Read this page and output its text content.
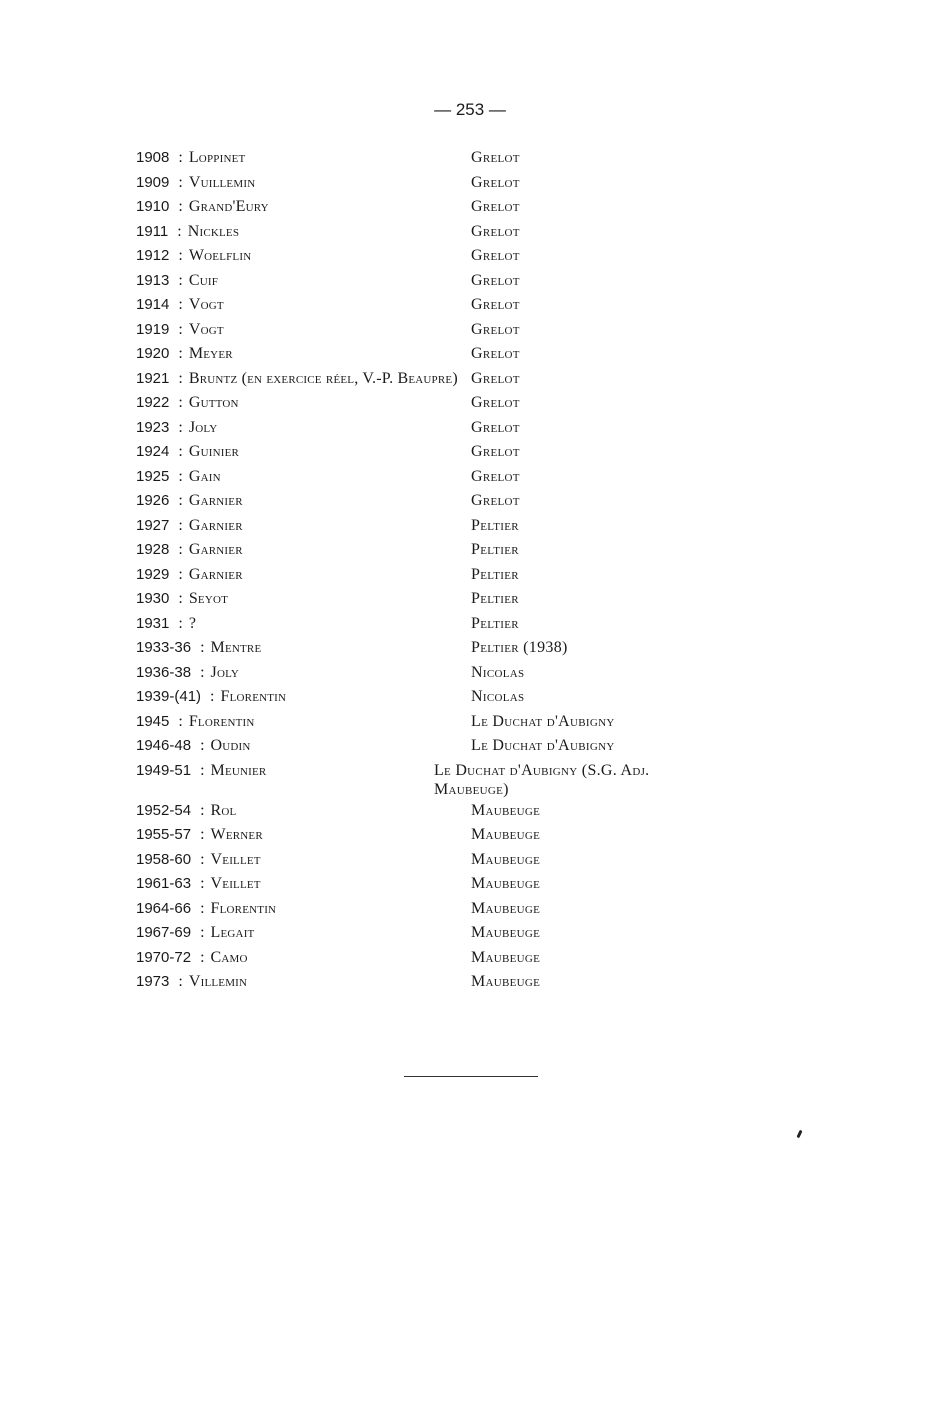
— 253 —
1908 : Loppinet	Grelot
1909 : Vuillemin	Grelot
1910 : Grand'Eury	Grelot
1911 : Nickles	Grelot
1912 : Woelflin	Grelot
1913 : Cuif	Grelot
1914 : Vogt	Grelot
1919 : Vogt	Grelot
1920 : Meyer	Grelot
1921 : Bruntz (en exercice réel, V.-P. Beaupre) Grelot
1922 : Gutton	Grelot
1923 : Joly	Grelot
1924 : Guinier	Grelot
1925 : Gain	Grelot
1926 : Garnier	Grelot
1927 : Garnier	Peltier
1928 : Garnier	Peltier
1929 : Garnier	Peltier
1930 : Seyot	Peltier
1931 : ?	Peltier
1933-36 : Mentre	Peltier (1938)
1936-38 : Joly	Nicolas
1939-(41) : Florentin	Nicolas
1945 : Florentin	Le Duchat d'Aubigny
1946-48 : Oudin	Le Duchat d'Aubigny
1949-51 : Meunier	Le Duchat d'Aubigny (S.G. Adj. Maubeuge)
1952-54 : Rol	Maubeuge
1955-57 : Werner	Maubeuge
1958-60 : Veillet	Maubeuge
1961-63 : Veillet	Maubeuge
1964-66 : Florentin	Maubeuge
1967-69 : Legait	Maubeuge
1970-72 : Camo	Maubeuge
1973 : Villemin	Maubeuge
